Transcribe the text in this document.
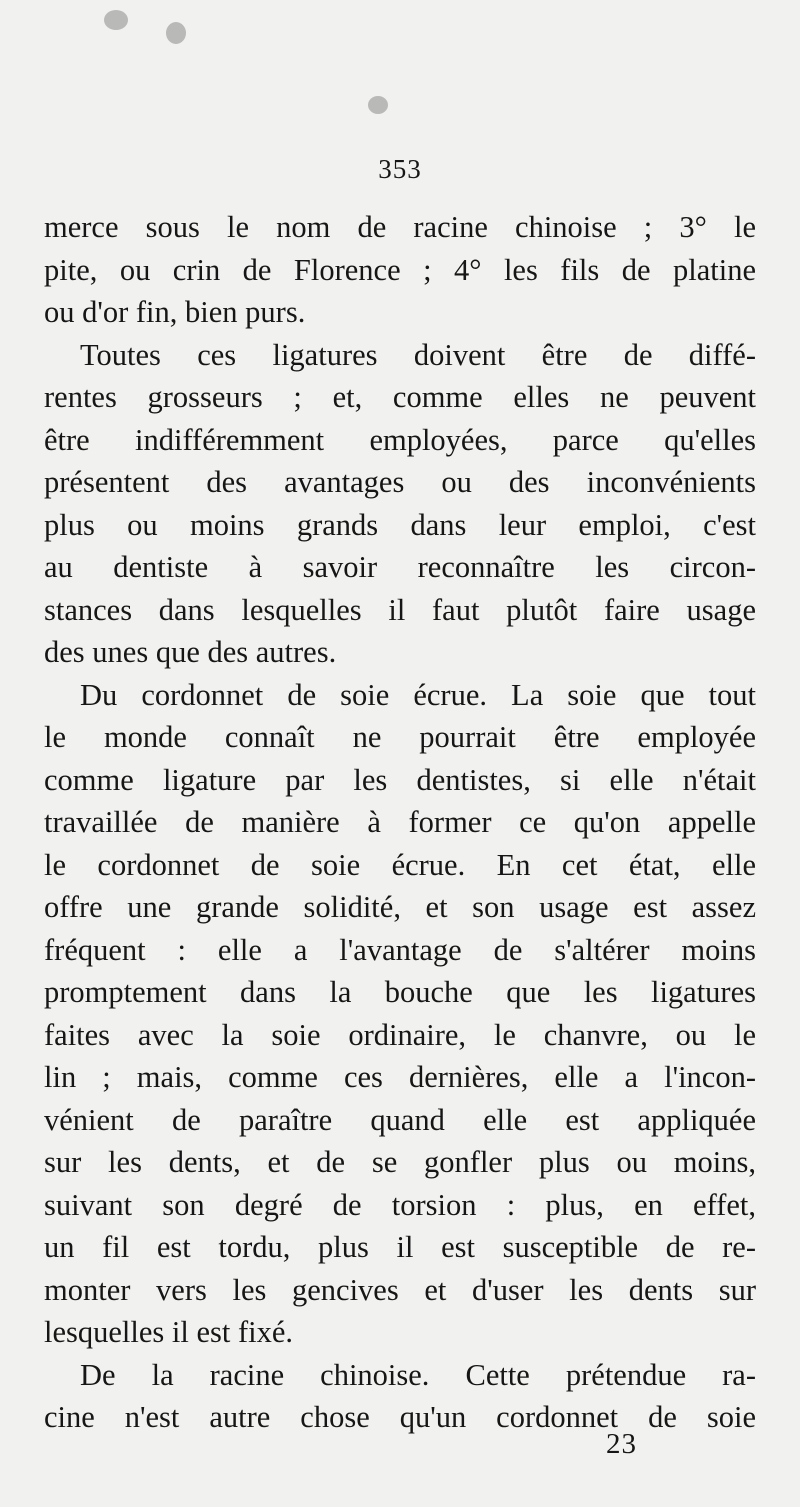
353
merce sous le nom de racine chinoise ; 3° le
pite, ou crin de Florence ; 4° les fils de platine
ou d'or fin, bien purs.
Toutes ces ligatures doivent être de diffé-
rentes grosseurs ; et, comme elles ne peuvent
être indifféremment employées, parce qu'elles
présentent des avantages ou des inconvénients
plus ou moins grands dans leur emploi, c'est
au dentiste à savoir reconnaître les circon-
stances dans lesquelles il faut plutôt faire usage
des unes que des autres.
Du cordonnet de soie écrue. La soie que tout
le monde connaît ne pourrait être employée
comme ligature par les dentistes, si elle n'était
travaillée de manière à former ce qu'on appelle
le cordonnet de soie écrue. En cet état, elle
offre une grande solidité, et son usage est assez
fréquent : elle a l'avantage de s'altérer moins
promptement dans la bouche que les ligatures
faites avec la soie ordinaire, le chanvre, ou le
lin ; mais, comme ces dernières, elle a l'incon-
vénient de paraître quand elle est appliquée
sur les dents, et de se gonfler plus ou moins,
suivant son degré de torsion : plus, en effet,
un fil est tordu, plus il est susceptible de re-
monter vers les gencives et d'user les dents sur
lesquelles il est fixé.
De la racine chinoise. Cette prétendue ra-
cine n'est autre chose qu'un cordonnet de soie
23
